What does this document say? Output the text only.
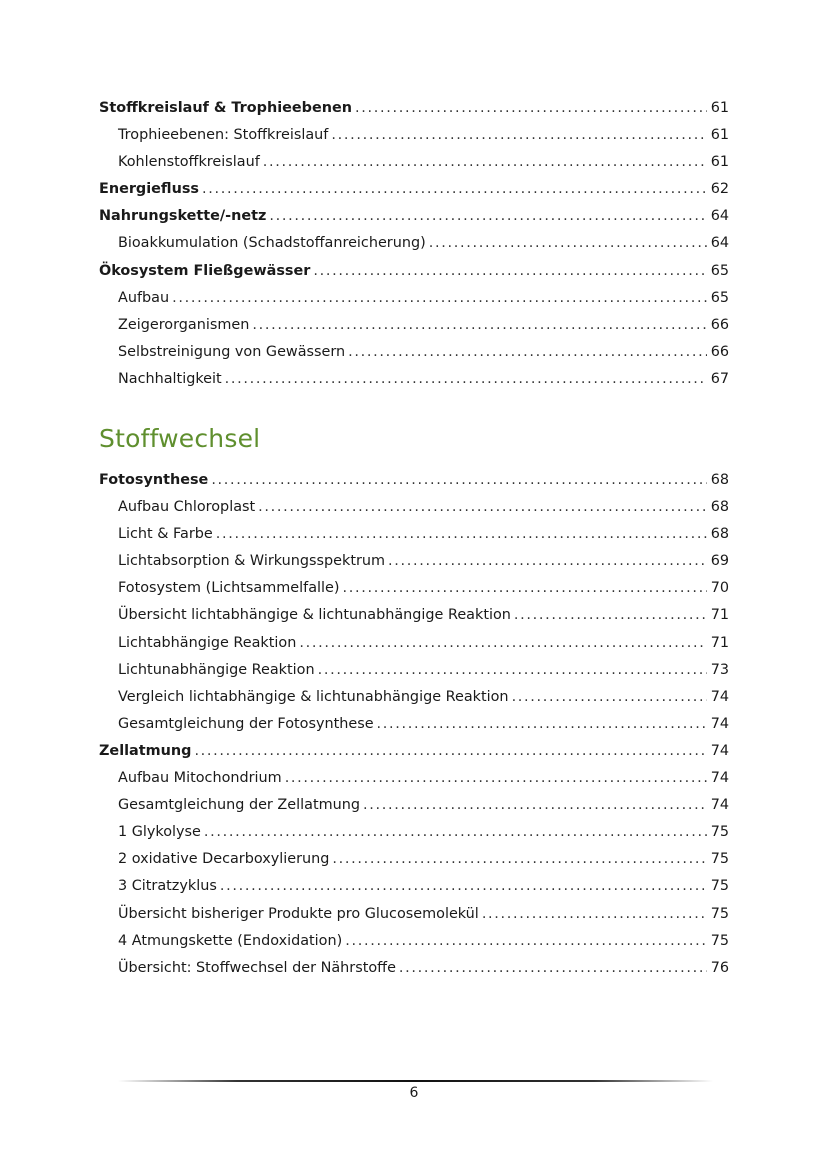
Stoffkreislauf & Trophieebenen . . .	61
Trophieebenen: Stoffkreislauf . . .	61
Kohlenstoffkreislauf . . .	61
Energiefluss . . .	62
Nahrungskette/-netz . . .	64
Bioakkumulation (Schadstoffanreicherung) . . .	64
Ökosystem Fließgewässer . . .	65
Aufbau . . .	65
Zeigerorganismen . . .	66
Selbstreinigung von Gewässern . . .	66
Nachhaltigkeit . . .	67
Stoffwechsel
Fotosynthese . . .	68
Aufbau Chloroplast . . .	68
Licht & Farbe . . .	68
Lichtabsorption & Wirkungsspektrum . . .	69
Fotosystem (Lichtsammelfalle) . . .	70
Übersicht lichtabhängige & lichtunabhängige Reaktion . . .	71
Lichtabhängige Reaktion . . .	71
Lichtunabhängige Reaktion . . .	73
Vergleich lichtabhängige & lichtunabhängige Reaktion . . .	74
Gesamtgleichung der Fotosynthese . . .	74
Zellatmung . . .	74
Aufbau Mitochondrium . . .	74
Gesamtgleichung der Zellatmung . . .	74
1 Glykolyse . . .	75
2 oxidative Decarboxylierung . . .	75
3 Citratzyklus . . .	75
Übersicht bisheriger Produkte pro Glucosemolekül . . .	75
4 Atmungskette (Endoxidation) . . .	75
Übersicht: Stoffwechsel der Nährstoffe . . .	76
6
